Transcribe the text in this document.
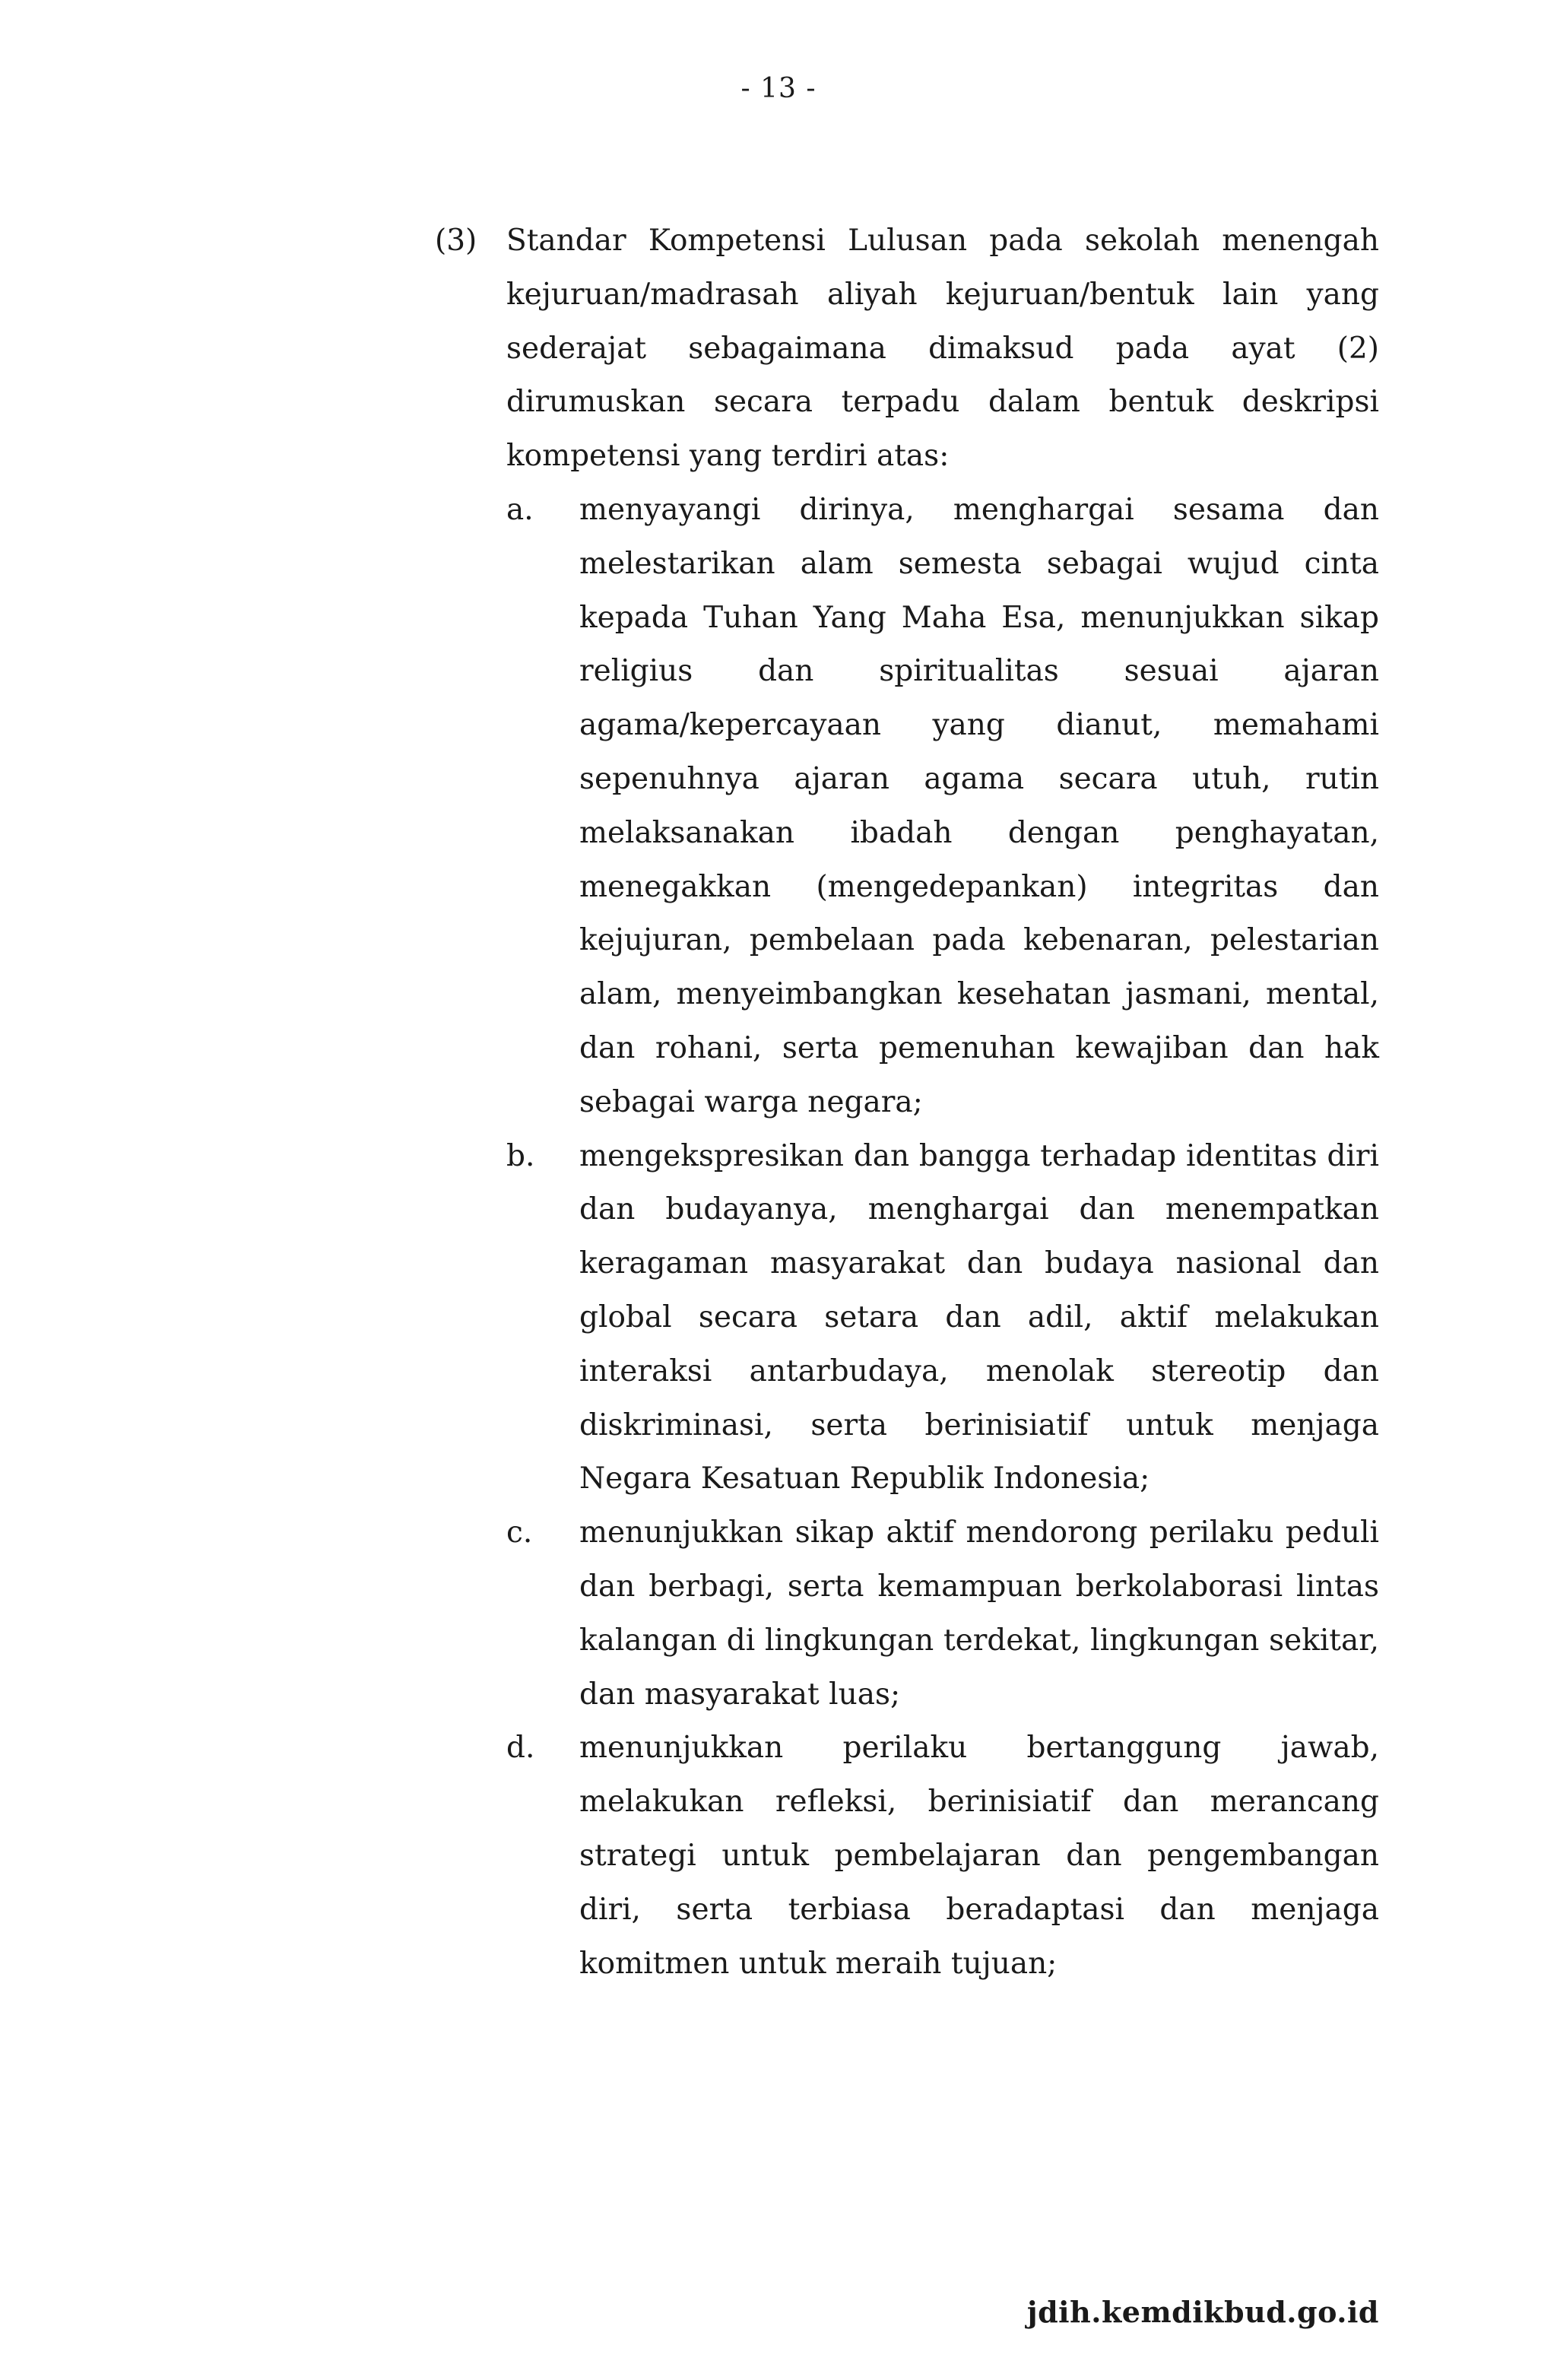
- 13 -
(3) Standar Kompetensi Lulusan pada sekolah menengah kejuruan/madrasah aliyah kejuruan/bentuk lain yang sederajat sebagaimana dimaksud pada ayat (2) dirumuskan secara terpadu dalam bentuk deskripsi kompetensi yang terdiri atas:

a.	menyayangi dirinya, menghargai sesama dan melestarikan alam semesta sebagai wujud cinta kepada Tuhan Yang Maha Esa, menunjukkan sikap religius dan spiritualitas sesuai ajaran agama/kepercayaan yang dianut, memahami sepenuhnya ajaran agama secara utuh, rutin melaksanakan ibadah dengan penghayatan, menegakkan (mengedepankan) integritas dan kejujuran, pembelaan pada kebenaran, pelestarian alam, menyeimbangkan kesehatan jasmani, mental, dan rohani, serta pemenuhan kewajiban dan hak sebagai warga negara;
b.	mengekspresikan dan bangga terhadap identitas diri dan budayanya, menghargai dan menempatkan keragaman masyarakat dan budaya nasional dan global secara setara dan adil, aktif melakukan interaksi antarbudaya, menolak stereotip dan diskriminasi, serta berinisiatif untuk menjaga Negara Kesatuan Republik Indonesia;
c.	menunjukkan sikap aktif mendorong perilaku peduli dan berbagi, serta kemampuan berkolaborasi lintas kalangan di lingkungan terdekat, lingkungan sekitar, dan masyarakat luas;
d.	menunjukkan perilaku bertanggung jawab, melakukan refleksi, berinisiatif dan merancang strategi untuk pembelajaran dan pengembangan diri, serta terbiasa beradaptasi dan menjaga komitmen untuk meraih tujuan;
jdih.kemdikbud.go.id
